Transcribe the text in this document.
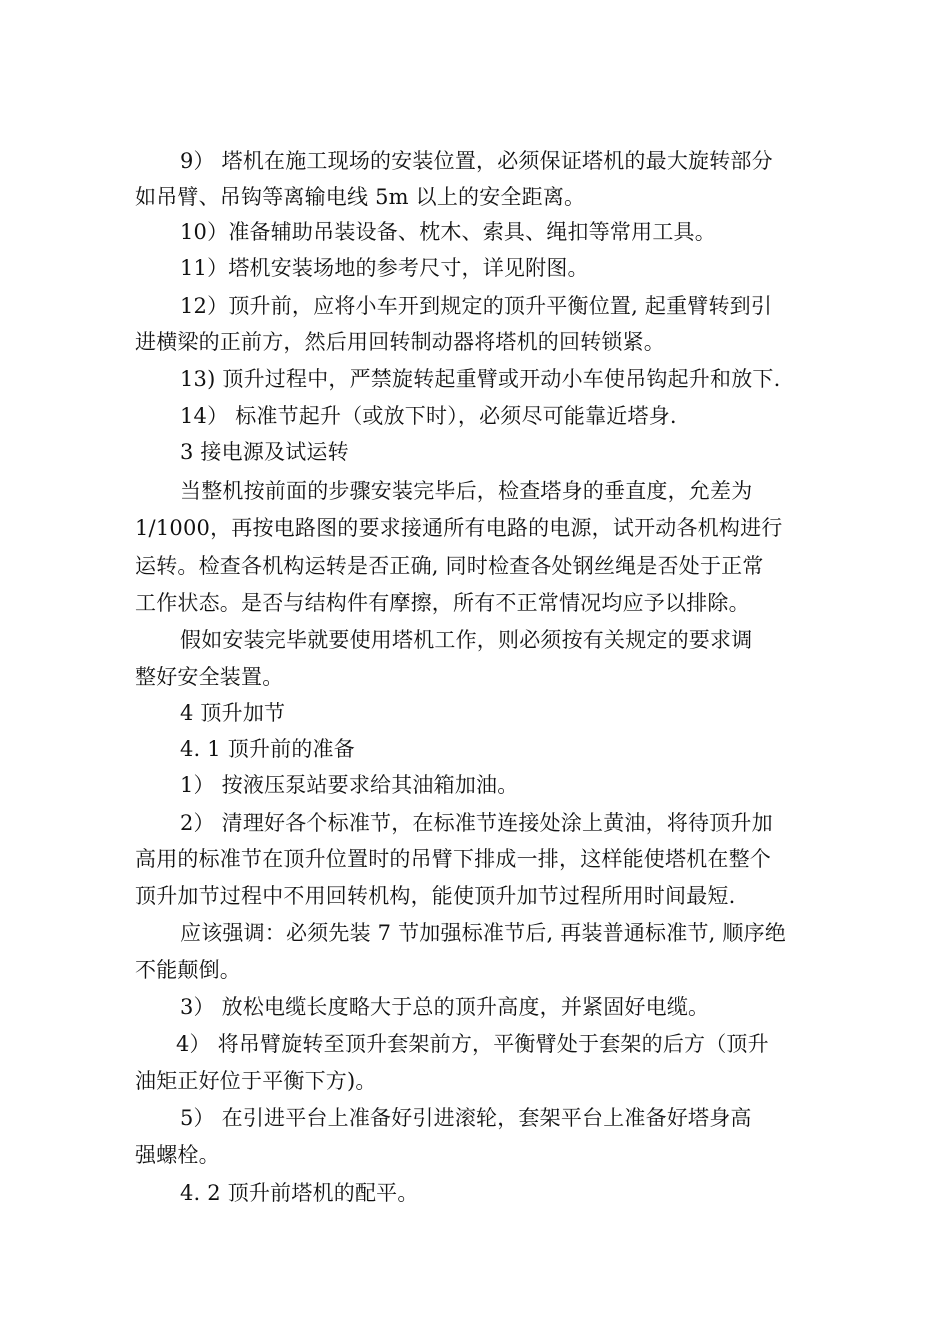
9） 塔机在施工现场的安装位置，必须保证塔机的最大旋转部分

如吊臂、吊钩等离输电线 5m 以上的安全距离。

10）准备辅助吊装设备、枕木、索具、绳扣等常用工具。

11）塔机安装场地的参考尺寸，详见附图。

12）顶升前，应将小车开到规定的顶升平衡位置, 起重臂转到引

进横梁的正前方，然后用回转制动器将塔机的回转锁紧。

13) 顶升过程中，严禁旋转起重臂或开动小车使吊钩起升和放下.

14） 标准节起升（或放下时），必须尽可能靠近塔身.

3 接电源及试运转

当整机按前面的步骤安装完毕后，检查塔身的垂直度，允差为

1/1000，再按电路图的要求接通所有电路的电源，试开动各机构进行

运转。检查各机构运转是否正确, 同时检查各处钢丝绳是否处于正常

工作状态。是否与结构件有摩擦，所有不正常情况均应予以排除。

假如安装完毕就要使用塔机工作，则必须按有关规定的要求调

整好安全装置。

4 顶升加节

4. 1 顶升前的准备

1） 按液压泵站要求给其油箱加油。

2） 清理好各个标准节，在标准节连接处涂上黄油，将待顶升加

高用的标准节在顶升位置时的吊臂下排成一排，这样能使塔机在整个

顶升加节过程中不用回转机构，能使顶升加节过程所用时间最短.

应该强调：必须先装 7 节加强标准节后, 再装普通标准节, 顺序绝

不能颠倒。

3） 放松电缆长度略大于总的顶升高度，并紧固好电缆。

4） 将吊臂旋转至顶升套架前方，平衡臂处于套架的后方（顶升

油矩正好位于平衡下方)。

5） 在引进平台上准备好引进滚轮，套架平台上准备好塔身高

强螺栓。

4. 2 顶升前塔机的配平。
